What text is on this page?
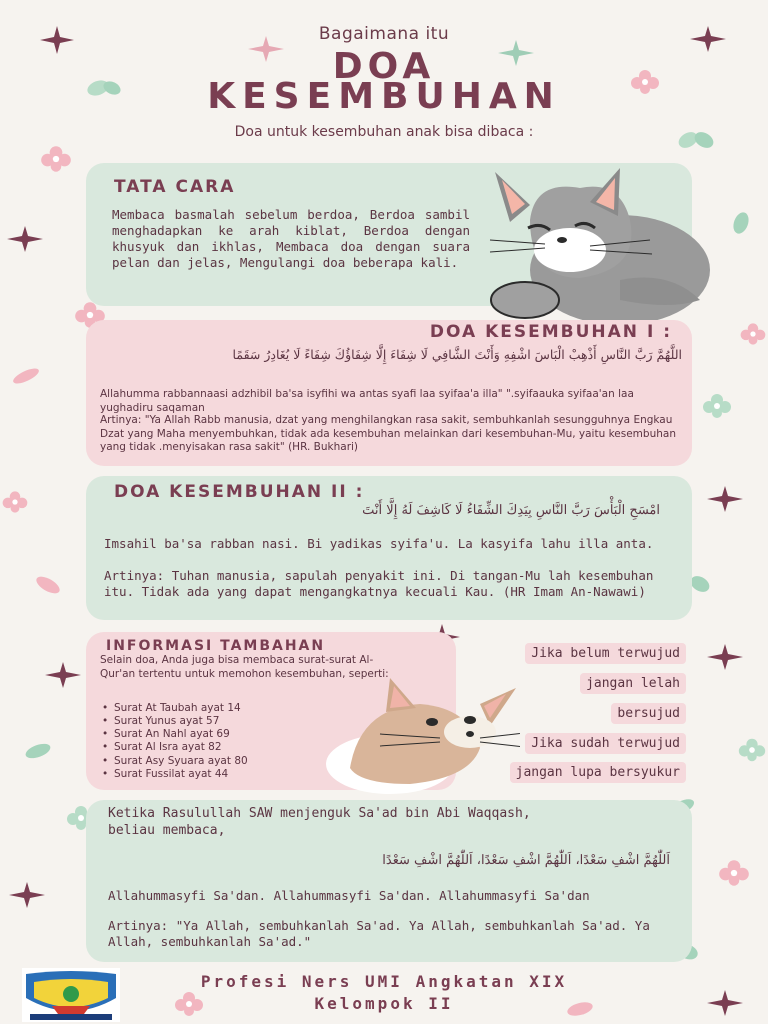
Bagaimana itu
DOA
KESEMBUHAN
Doa untuk kesembuhan anak bisa dibaca :
TATA CARA
Membaca basmalah sebelum berdoa, Berdoa sambil menghadapkan ke arah kiblat, Berdoa dengan khusyuk dan ikhlas, Membaca doa dengan suara pelan dan jelas, Mengulangi doa beberapa kali.
DOA KESEMBUHAN I :
اللَّهُمَّ رَبَّ النَّاسِ أَذْهِبْ الْبَاسَ اشْفِهِ وَأَنْتَ الشَّافِي لَا شِفَاءَ إِلَّا شِفَاؤُكَ شِفَاءً لَا يُغَادِرُ سَقَمًا
Allahumma rabbannaasi adzhibil ba'sa isyfihi wa antas syafi laa syifaa'a illa" ".syifaauka syifaa'an laa yughadiru saqaman
Artinya: "Ya Allah Rabb manusia, dzat yang menghilangkan rasa sakit, sembuhkanlah sesungguhnya Engkau Dzat yang Maha menyembuhkan, tidak ada kesembuhan melainkan dari kesembuhan-Mu, yaitu kesembuhan yang tidak .menyisakan rasa sakit" (HR. Bukhari)
DOA KESEMBUHAN II :
امْسَحِ الْبَأْسَ رَبَّ النَّاسِ بِيَدِكَ الشِّفَاءُ لَا كَاشِفَ لَهُ إِلَّا أَنْتَ
Imsahil ba'sa rabban nasi. Bi yadikas syifa'u. La kasyifa lahu illa anta.
Artinya: Tuhan manusia, sapulah penyakit ini. Di tangan-Mu lah kesembuhan itu. Tidak ada yang dapat mengangkatnya kecuali Kau. (HR Imam An-Nawawi)
INFORMASI TAMBAHAN
Selain doa, Anda juga bisa membaca surat-surat Al-Qur'an tertentu untuk memohon kesembuhan, seperti:
• Surat At Taubah ayat 14
• Surat Yunus ayat 57
• Surat An Nahl ayat 69
• Surat Al Isra ayat 82
• Surat Asy Syuara ayat 80
• Surat Fussilat ayat 44
Jika belum terwujud
jangan lelah
bersujud
Jika sudah terwujud
jangan lupa bersyukur
Ketika Rasulullah SAW menjenguk Sa'ad bin Abi Waqqash, beliau membaca,
اَللّٰهُمَّ اشْفِ سَعْدًا، اَللّٰهُمَّ اشْفِ سَعْدًا، اَللّٰهُمَّ اشْفِ سَعْدًا
Allahummasyfi Sa'dan. Allahummasyfi Sa'dan. Allahummasyfi Sa'dan
Artinya: "Ya Allah, sembuhkanlah Sa'ad. Ya Allah, sembuhkanlah Sa'ad. Ya Allah, sembuhkanlah Sa'ad."
Profesi Ners UMI Angkatan XIX
Kelompok II
